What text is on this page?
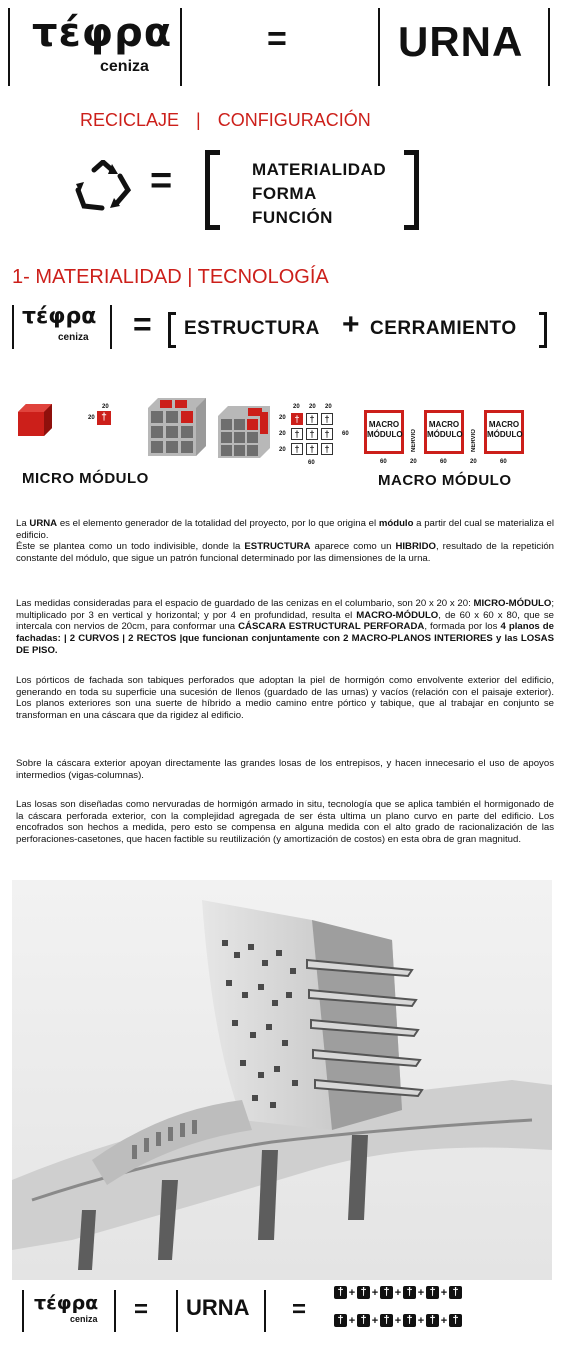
τέφρα
ceniza
=	URNA
RECICLAJE | CONFIGURACIÓN
=	MATERIALIDAD
FORMA
FUNCIÓN
1- MATERIALIDAD | TECNOLOGÍA
τέφρα
ceniza = ESTRUCTURA + CERRAMIENTO
20
20 †
20 20 20
20
20
20
60
60
†	†	†
†	†	†
†	†	†
MACRO
MÓDULO NERVIO
MACRO
MÓDULO NERVIO
MACRO
MÓDULO
60	20	60	20	60
MICRO MÓDULO	MACRO MÓDULO

La URNA es el elemento generador de la totalidad del proyecto, por lo que origina el módulo a partir del cual se materializa el edificio.

Éste se plantea como un todo indivisible, donde la ESTRUCTURA aparece como un HIBRIDO, resultado de la repetición constante del módulo, que sigue un patrón funcional determinado por las dimensiones de la urna.

Las medidas consideradas para el espacio de guardado de las cenizas en el columbario, son 20 x 20 x 20: MICRO-MÓDULO; multiplicado por 3 en vertical y horizontal; y por 4 en profundidad, resulta el MACRO-MÓDULO, de 60 x 60 x 80, que se intercala con nervios de 20cm, para conformar una CÁSCARA ESTRUCTURAL PERFORADA, formada por los 4 planos de fachadas: | 2 CURVOS | 2 RECTOS |que funcionan conjuntamente con 2 MACRO-PLANOS INTERIORES y las LOSAS DE PISO.

Los pórticos de fachada son tabiques perforados que adoptan la piel de hormigón como envolvente exterior del edificio, generando en toda su superficie una sucesión de llenos (guardado de las urnas) y vacíos (relación con el paisaje exterior). Los planos exteriores son una suerte de híbrido a medio camino entre pórtico y tabique, que al trabajar en conjunto se transforman en una cáscara que da rigidez al edificio.

Sobre la cáscara exterior apoyan directamente las grandes losas de los entrepisos, y hacen innecesario el uso de apoyos intermedios (vigas-columnas).

Las losas son diseñadas como nervuradas de hormigón armado in situ, tecnología que se aplica también el hormigonado de la cáscara perforada exterior, con la complejidad agregada de ser ésta ultima un plano curvo en parte del edificio. Los encofrados son hechos a medida, pero esto se compensa en alguna medida con el alto grado de racionalización de las perforaciones-casetones, que hacen factible su reutilización (y amortización de costos) en esta obra de gran magnitud.

τέφρα
ceniza = URNA =
† + † + † + † + † + †
† + † + † + † + † + †
